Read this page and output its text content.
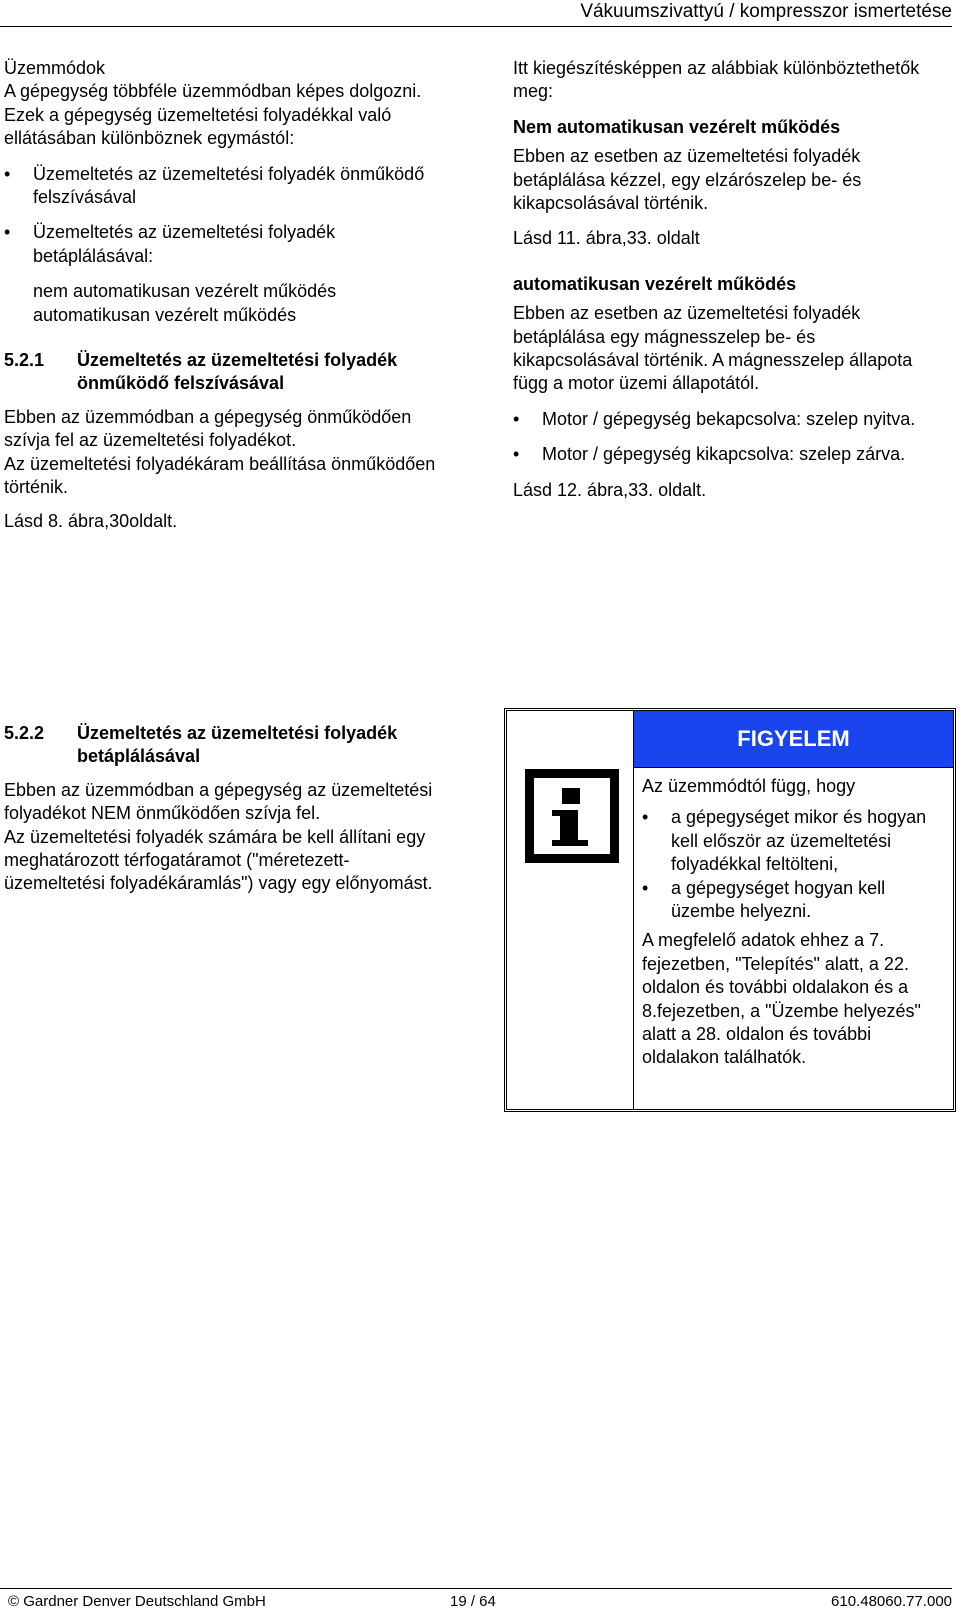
Vákuumszivattyú / kompresszor ismertetése

Üzemmódok

A gépegység többféle üzemmódban képes dolgozni.

Ezek a gépegység üzemeltetési folyadékkal való ellátásában különböznek egymástól:

• Üzemeltetés az üzemeltetési folyadék önműködő felszívásával
• Üzemeltetés az üzemeltetési folyadék betáplálásával:

nem automatikusan vezérelt működés

automatikusan vezérelt működés

5.2.1	Üzemeltetés az üzemeltetési folyadék önműködő felszívásával

Ebben az üzemmódban a gépegység önműködően szívja fel az üzemeltetési folyadékot.

Az üzemeltetési folyadékáram beállítása önműködően történik.

Lásd 8. ábra,30oldalt.

Itt kiegészítésképpen az alábbiak különböztethetők meg:

Nem automatikusan vezérelt működés

Ebben az esetben az üzemeltetési folyadék betáplálása kézzel, egy elzárószelep be- és kikapcsolásával történik.

Lásd 11. ábra,33. oldalt

automatikusan vezérelt működés

Ebben az esetben az üzemeltetési folyadék betáplálása egy mágnesszelep be- és kikapcsolásával történik. A mágnesszelep állapota függ a motor üzemi állapotától.

• Motor / gépegység bekapcsolva: szelep nyitva.
• Motor / gépegység kikapcsolva: szelep zárva.

Lásd 12. ábra,33. oldalt.

5.2.2	Üzemeltetés az üzemeltetési folyadék betáplálásával

Ebben az üzemmódban a gépegység az üzemeltetési folyadékot NEM önműködően szívja fel.

Az üzemeltetési folyadék számára be kell állítani egy meghatározott térfogatáramot ("méretezett-üzemeltetési folyadékáramlás") vagy egy előnyomást.

FIGYELEM

Az üzemmódtól függ, hogy

• a gépegységet mikor és hogyan kell először az üzemeltetési folyadékkal feltölteni,
• a gépegységet hogyan kell üzembe helyezni.

A megfelelő adatok ehhez a 7. fejezetben, "Telepítés" alatt, a 22. oldalon és további oldalakon és a 8.fejezetben, a "Üzembe helyezés" alatt a 28. oldalon és további oldalakon találhatók.

© Gardner Denver Deutschland GmbH	19 / 64	610.48060.77.000
